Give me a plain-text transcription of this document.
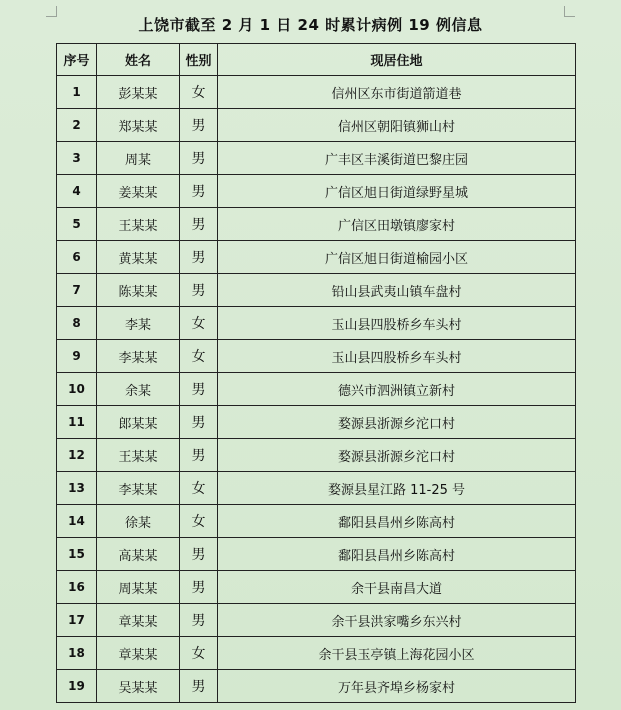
上饶市截至 2 月 1 日 24 时累计病例 19 例信息
序号	姓名	性别	现居住地
1	彭某某	女	信州区东市街道箭道巷
2	郑某某	男	信州区朝阳镇狮山村
3	周某	男	广丰区丰溪街道巴黎庄园
4	姜某某	男	广信区旭日街道绿野星城
5	王某某	男	广信区田墩镇廖家村
6	黄某某	男	广信区旭日街道榆园小区
7	陈某某	男	铅山县武夷山镇车盘村
8	李某	女	玉山县四股桥乡车头村
9	李某某	女	玉山县四股桥乡车头村
10	余某	男	德兴市泗洲镇立新村
11	郎某某	男	婺源县浙源乡沱口村
12	王某某	男	婺源县浙源乡沱口村
13	李某某	女	婺源县星江路 11-25 号
14	徐某	女	鄱阳县昌州乡陈高村
15	高某某	男	鄱阳县昌州乡陈高村
16	周某某	男	余干县南昌大道
17	章某某	男	余干县洪家嘴乡东兴村
18	章某某	女	余干县玉亭镇上海花园小区
19	吴某某	男	万年县齐埠乡杨家村
